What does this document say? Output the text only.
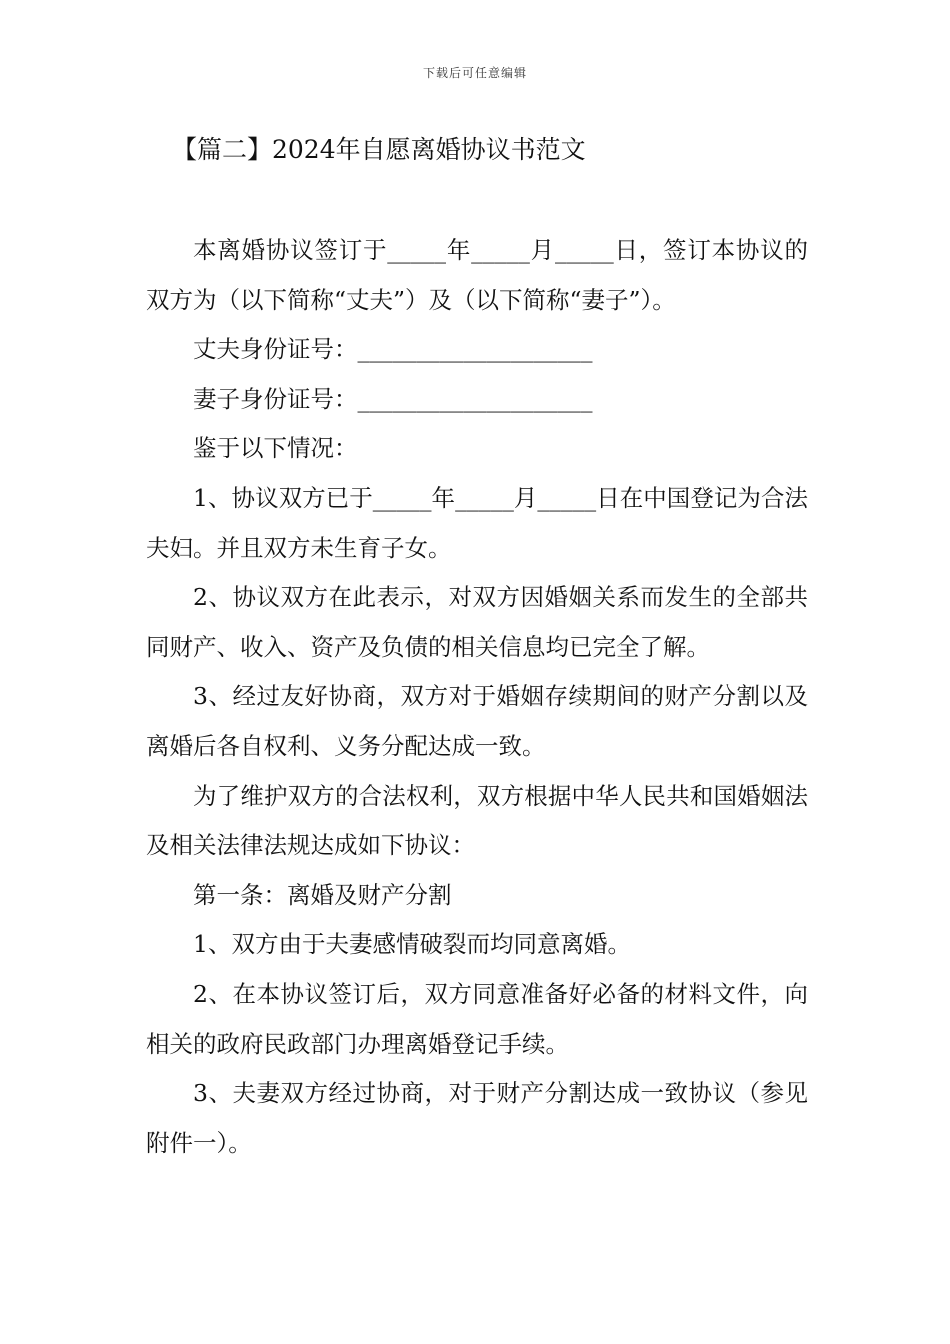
下载后可任意编辑
【篇二】2024年自愿离婚协议书范文

本离婚协议签订于_____年_____月_____日，签订本协议的双方为（以下简称“丈夫”）及（以下简称“妻子”）。

丈夫身份证号：____________________

妻子身份证号：____________________

鉴于以下情况：

1、协议双方已于_____年_____月_____日在中国登记为合法夫妇。并且双方未生育子女。

2、协议双方在此表示，对双方因婚姻关系而发生的全部共同财产、收入、资产及负债的相关信息均已完全了解。

3、经过友好协商，双方对于婚姻存续期间的财产分割以及离婚后各自权利、义务分配达成一致。

为了维护双方的合法权利，双方根据中华人民共和国婚姻法及相关法律法规达成如下协议：

第一条：离婚及财产分割

1、双方由于夫妻感情破裂而均同意离婚。

2、在本协议签订后，双方同意准备好必备的材料文件，向相关的政府民政部门办理离婚登记手续。

3、夫妻双方经过协商，对于财产分割达成一致协议（参见附件一）。
